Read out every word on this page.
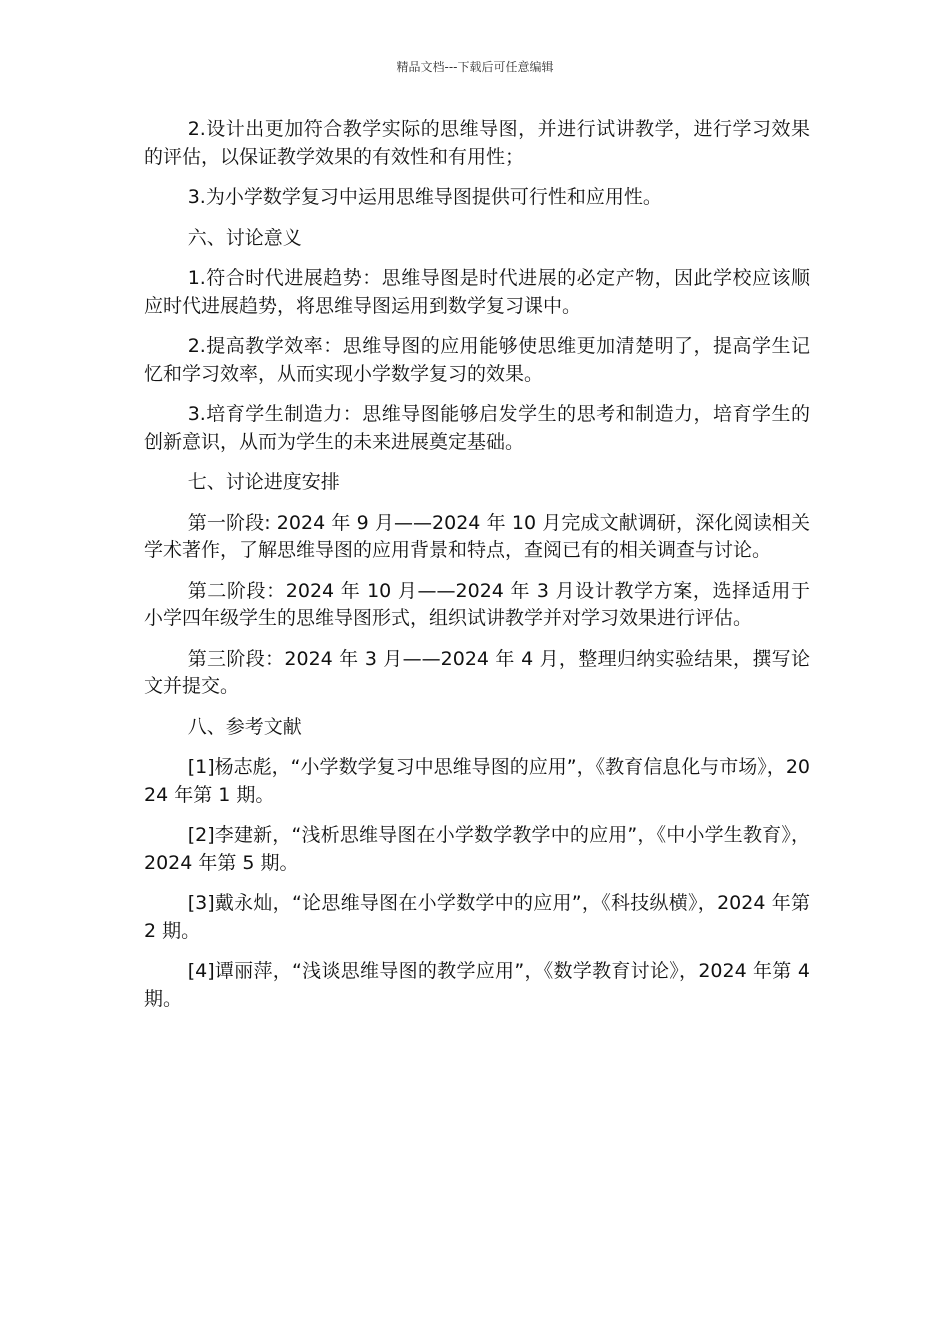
精品文档---下载后可任意编辑

2.设计出更加符合教学实际的思维导图，并进行试讲教学，进行学习效果的评估，以保证教学效果的有效性和有用性；

3.为小学数学复习中运用思维导图提供可行性和应用性。

六、讨论意义

1.符合时代进展趋势：思维导图是时代进展的必定产物，因此学校应该顺应时代进展趋势，将思维导图运用到数学复习课中。

2.提高教学效率：思维导图的应用能够使思维更加清楚明了，提高学生记忆和学习效率，从而实现小学数学复习的效果。

3.培育学生制造力：思维导图能够启发学生的思考和制造力，培育学生的创新意识，从而为学生的未来进展奠定基础。

七、讨论进度安排

第一阶段: 2024 年 9 月——2024 年 10 月完成文献调研，深化阅读相关学术著作，了解思维导图的应用背景和特点，查阅已有的相关调查与讨论。

第二阶段：2024 年 10 月——2024 年 3 月设计教学方案，选择适用于小学四年级学生的思维导图形式，组织试讲教学并对学习效果进行评估。

第三阶段：2024 年 3 月——2024 年 4 月，整理归纳实验结果，撰写论文并提交。

八、参考文献

[1]杨志彪，“小学数学复习中思维导图的应用”，《教育信息化与市场》，2024 年第 1 期。

[2]李建新，“浅析思维导图在小学数学教学中的应用”，《中小学生教育》，2024 年第 5 期。

[3]戴永灿，“论思维导图在小学数学中的应用”，《科技纵横》，2024 年第 2 期。

[4]谭丽萍，“浅谈思维导图的教学应用”，《数学教育讨论》，2024 年第 4 期。
